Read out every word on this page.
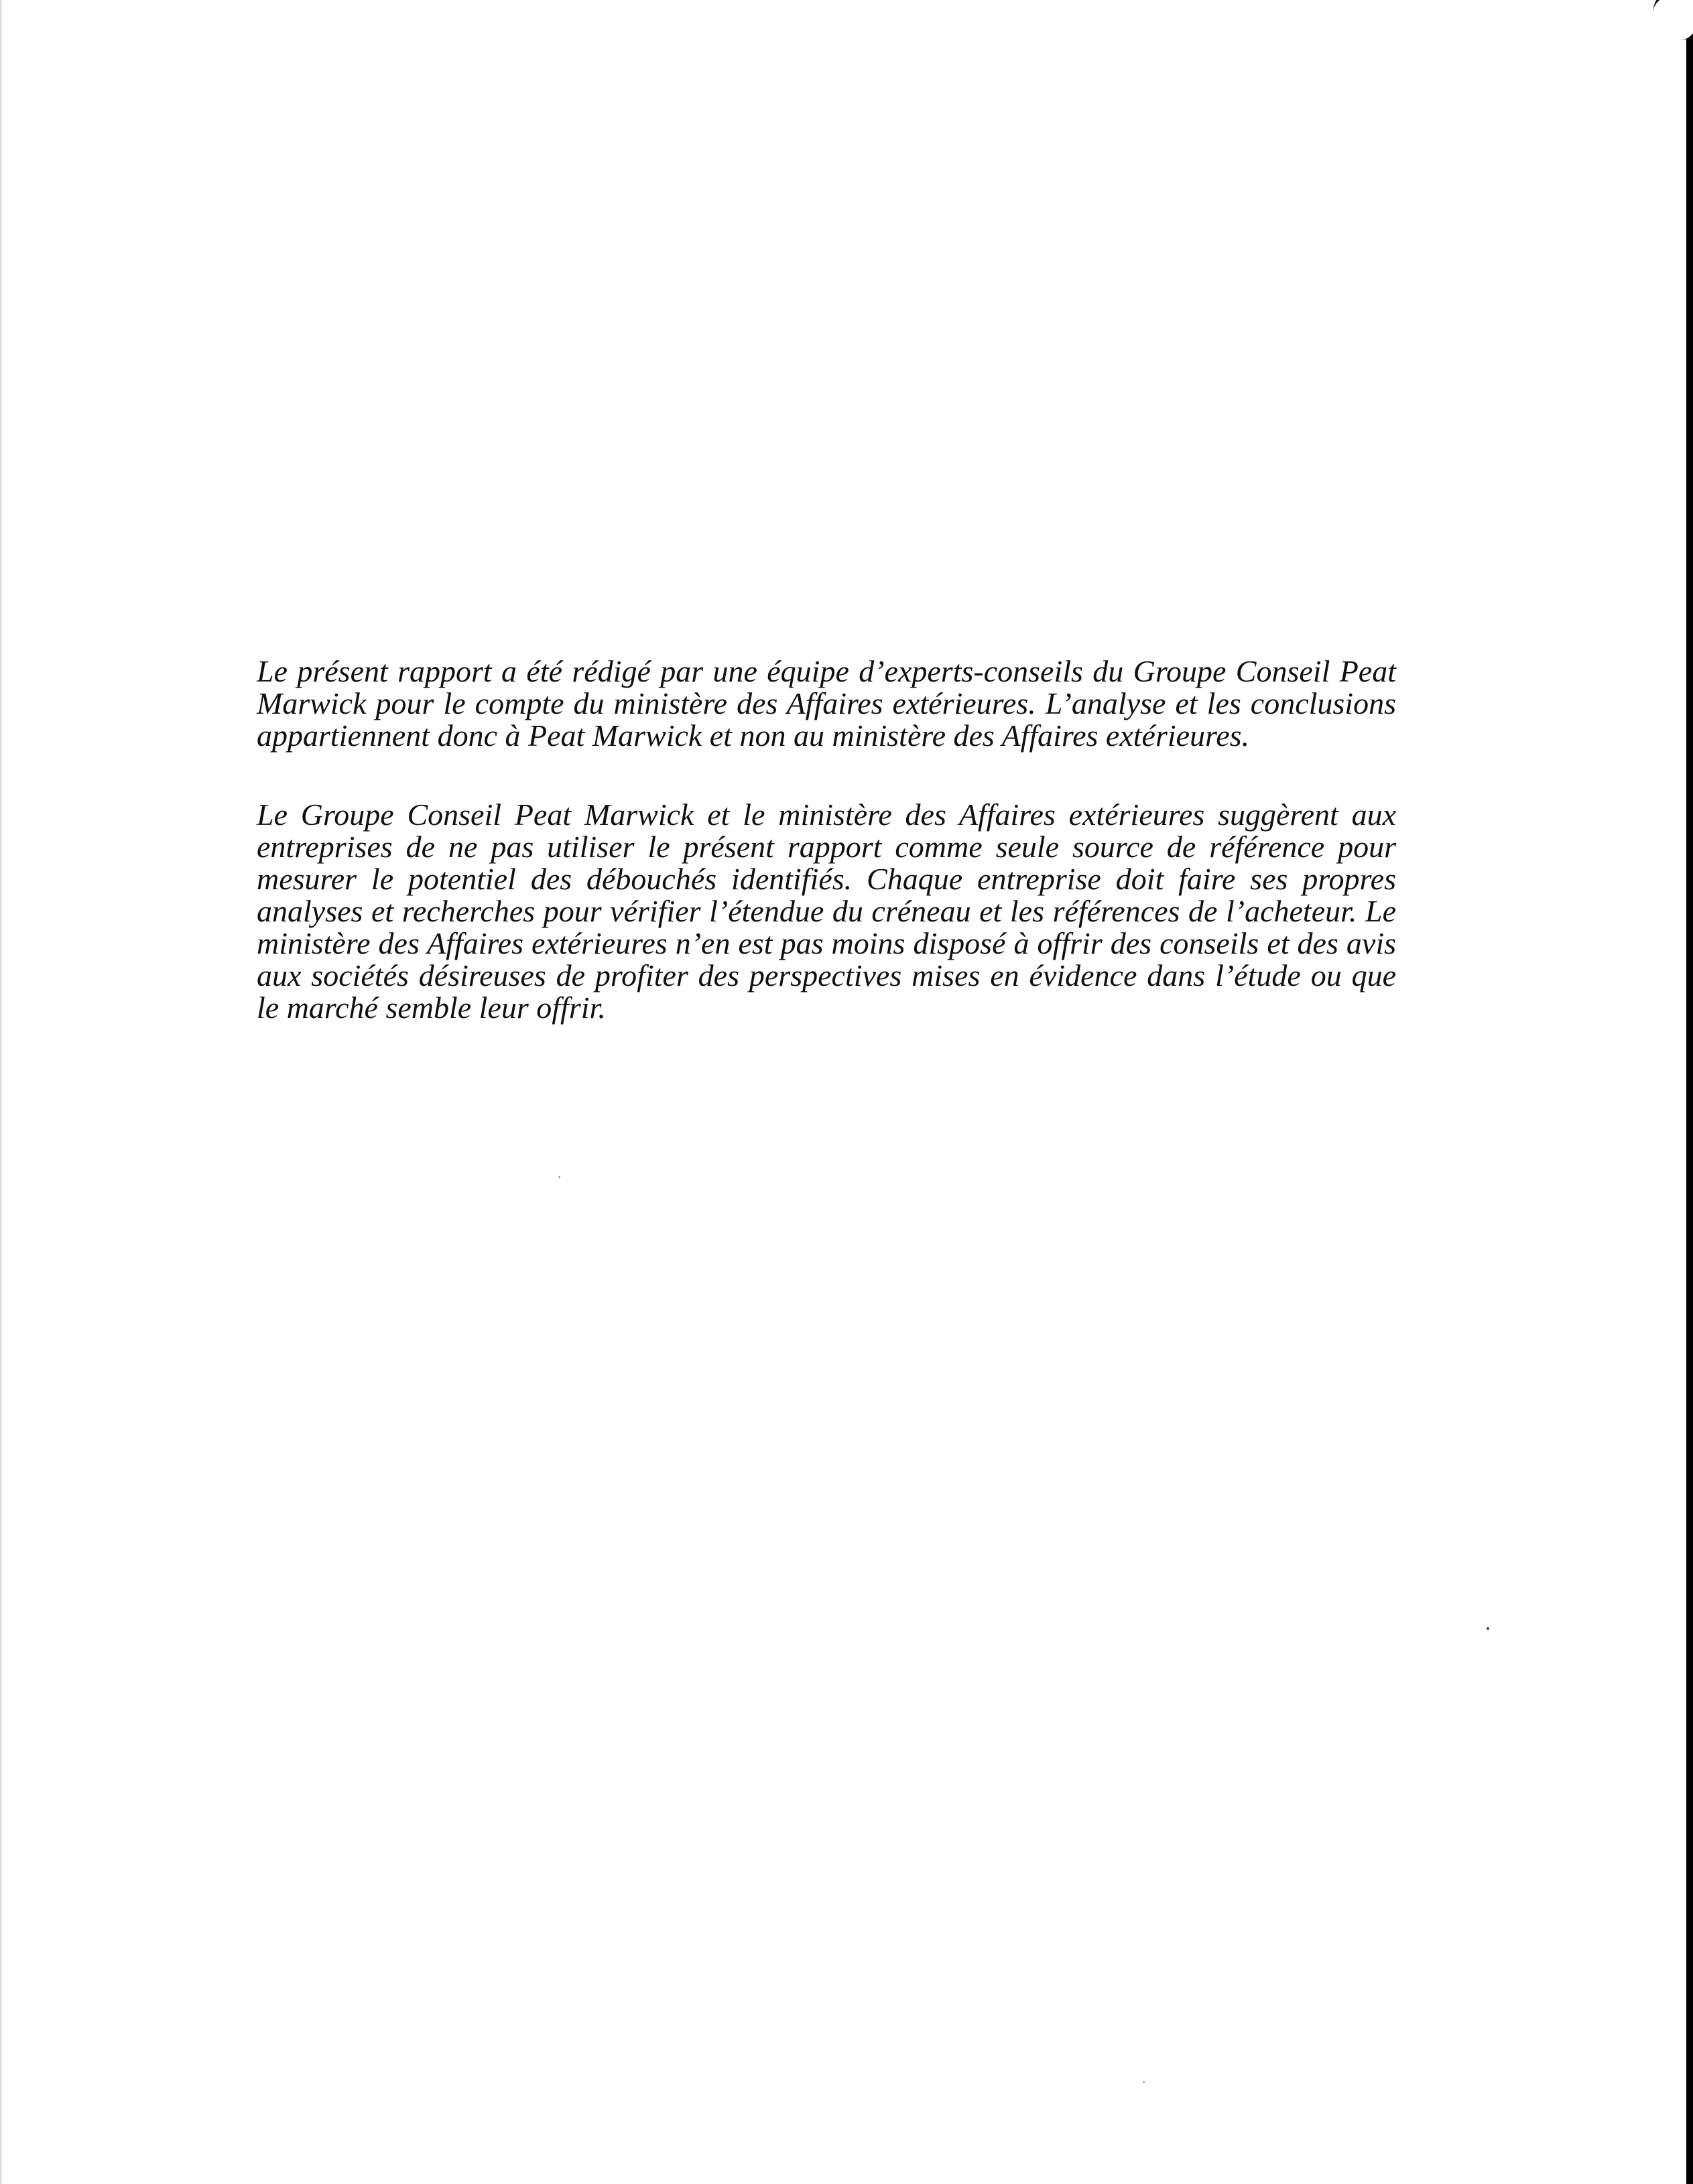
Le présent rapport a été rédigé par une équipe d’experts-conseils du Groupe Conseil Peat Marwick pour le compte du ministère des Affaires extérieures. L’analyse et les conclusions appartiennent donc à Peat Marwick et non au ministère des Affaires extérieures.

Le Groupe Conseil Peat Marwick et le ministère des Affaires extérieures suggèrent aux entreprises de ne pas utiliser le présent rapport comme seule source de référence pour mesurer le potentiel des débouchés identifiés. Chaque entreprise doit faire ses propres analyses et recherches pour vérifier l’étendue du créneau et les références de l’acheteur. Le ministère des Affaires extérieures n’en est pas moins disposé à offrir des conseils et des avis aux sociétés désireuses de profiter des perspectives mises en évidence dans l’étude ou que le marché semble leur offrir.
